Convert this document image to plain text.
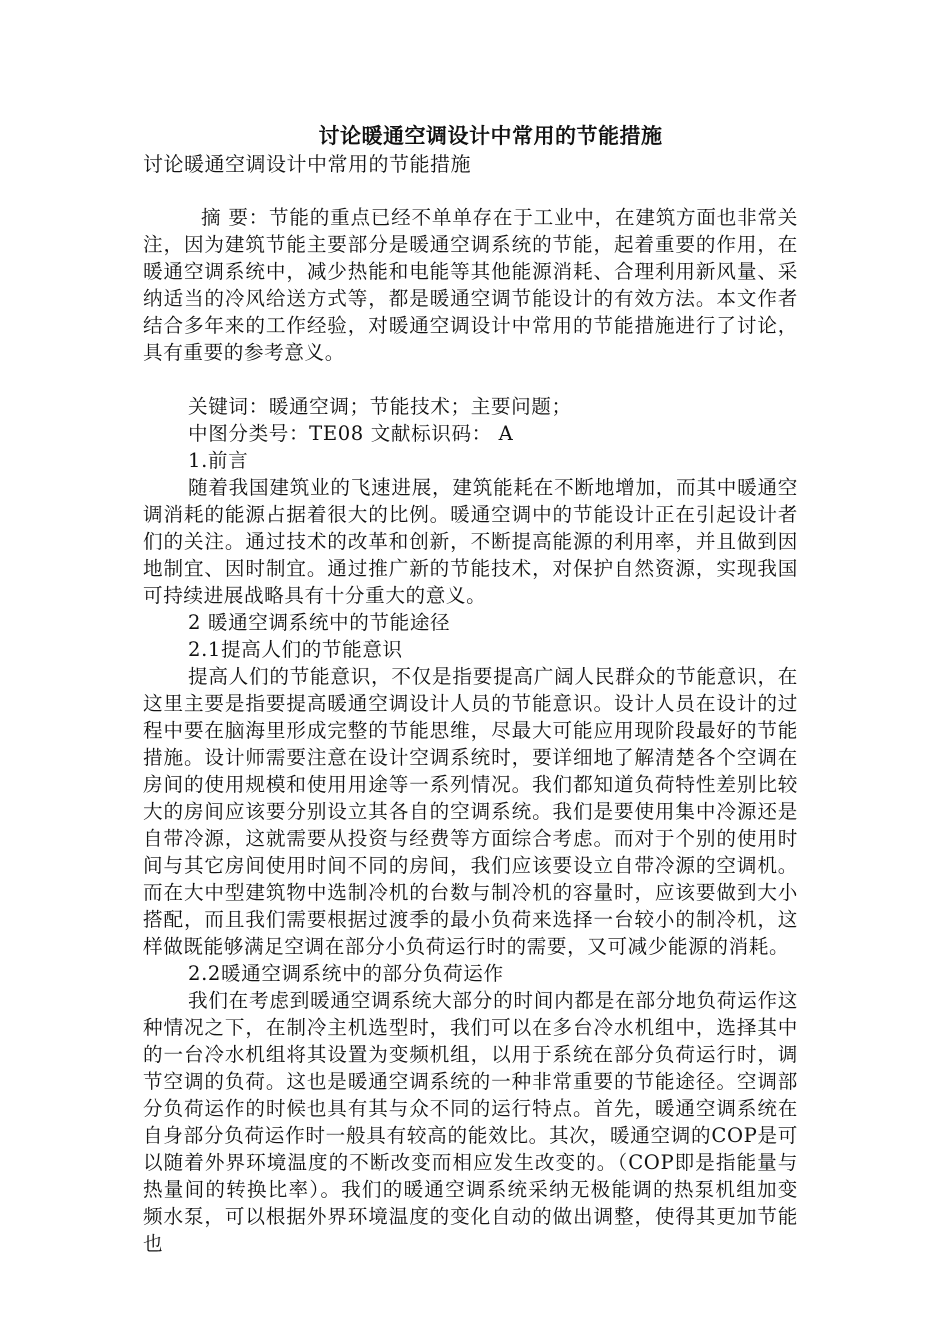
讨论暖通空调设计中常用的节能措施
讨论暖通空调设计中常用的节能措施

摘 要：节能的重点已经不单单存在于工业中，在建筑方面也非常关注，因为建筑节能主要部分是暖通空调系统的节能，起着重要的作用，在暖通空调系统中，减少热能和电能等其他能源消耗、合理利用新风量、采纳适当的冷风给送方式等，都是暖通空调节能设计的有效方法。本文作者结合多年来的工作经验，对暖通空调设计中常用的节能措施进行了讨论，具有重要的参考意义。

关键词：暖通空调；节能技术；主要问题；

中图分类号：TE08 文献标识码： A

1.前言

随着我国建筑业的飞速进展，建筑能耗在不断地增加，而其中暖通空调消耗的能源占据着很大的比例。暖通空调中的节能设计正在引起设计者们的关注。通过技术的改革和创新，不断提高能源的利用率，并且做到因地制宜、因时制宜。通过推广新的节能技术，对保护自然资源，实现我国可持续进展战略具有十分重大的意义。

2 暖通空调系统中的节能途径

2.1提高人们的节能意识

提高人们的节能意识，不仅是指要提高广阔人民群众的节能意识，在这里主要是指要提高暖通空调设计人员的节能意识。设计人员在设计的过程中要在脑海里形成完整的节能思维，尽最大可能应用现阶段最好的节能措施。设计师需要注意在设计空调系统时，要详细地了解清楚各个空调在房间的使用规模和使用用途等一系列情况。我们都知道负荷特性差别比较大的房间应该要分别设立其各自的空调系统。我们是要使用集中冷源还是自带冷源，这就需要从投资与经费等方面综合考虑。而对于个别的使用时间与其它房间使用时间不同的房间，我们应该要设立自带冷源的空调机。而在大中型建筑物中选制冷机的台数与制冷机的容量时，应该要做到大小搭配，而且我们需要根据过渡季的最小负荷来选择一台较小的制冷机，这样做既能够满足空调在部分小负荷运行时的需要，又可减少能源的消耗。

2.2暖通空调系统中的部分负荷运作

我们在考虑到暖通空调系统大部分的时间内都是在部分地负荷运作这种情况之下，在制冷主机选型时，我们可以在多台冷水机组中，选择其中的一台冷水机组将其设置为变频机组，以用于系统在部分负荷运行时，调节空调的负荷。这也是暖通空调系统的一种非常重要的节能途径。空调部分负荷运作的时候也具有其与众不同的运行特点。首先，暖通空调系统在自身部分负荷运作时一般具有较高的能效比。其次，暖通空调的COP是可以随着外界环境温度的不断改变而相应发生改变的。（COP即是指能量与热量间的转换比率）。我们的暖通空调系统采纳无极能调的热泵机组加变频水泵，可以根据外界环境温度的变化自动的做出调整，使得其更加节能也
